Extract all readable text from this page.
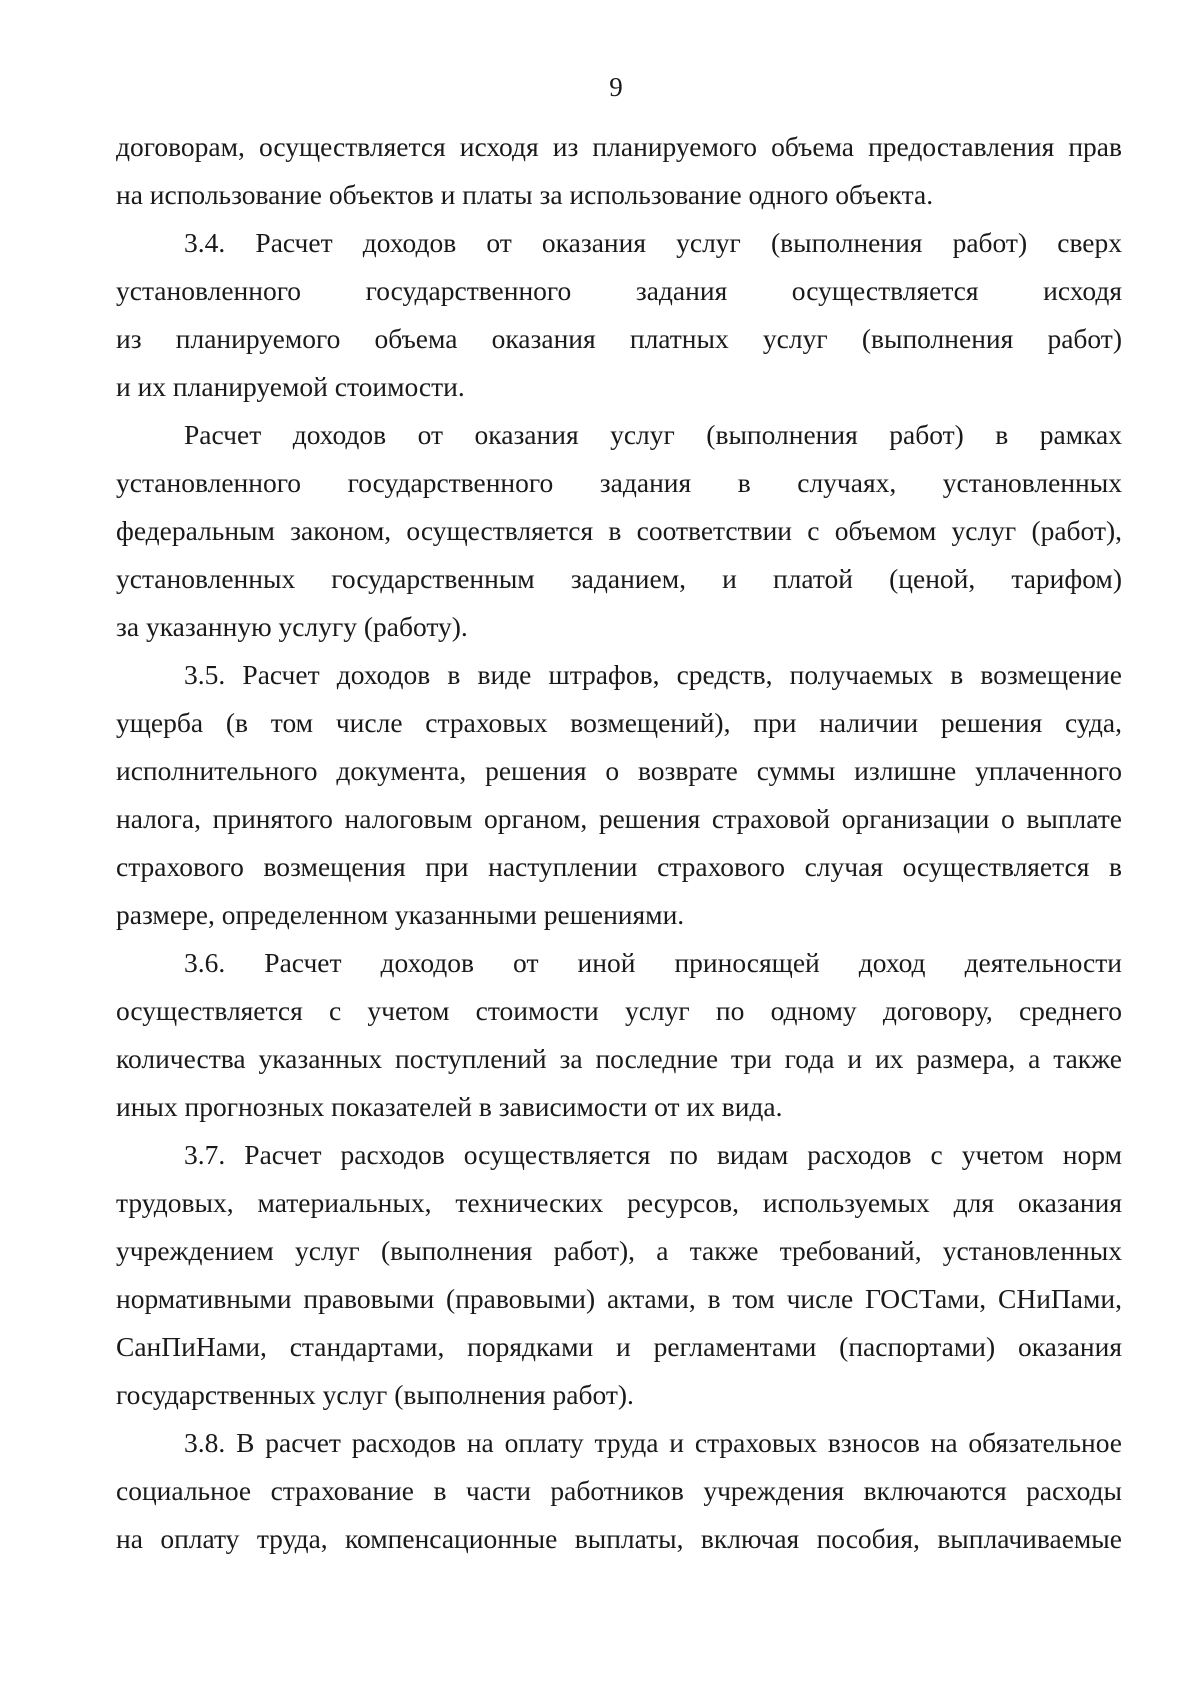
9
договорам, осуществляется исходя из планируемого объема предоставления прав
на использование объектов и платы за использование одного объекта.
3.4. Расчет доходов от оказания услуг (выполнения работ) сверх
установленного государственного задания осуществляется исходя
из планируемого объема оказания платных услуг (выполнения работ)
и их планируемой стоимости.
Расчет доходов от оказания услуг (выполнения работ) в рамках
установленного государственного задания в случаях, установленных
федеральным законом, осуществляется в соответствии с объемом услуг (работ),
установленных государственным заданием, и платой (ценой, тарифом)
за указанную услугу (работу).
3.5. Расчет доходов в виде штрафов, средств, получаемых в возмещение
ущерба (в том числе страховых возмещений), при наличии решения суда,
исполнительного документа, решения о возврате суммы излишне уплаченного
налога, принятого налоговым органом, решения страховой организации о выплате
страхового возмещения при наступлении страхового случая осуществляется в
размере, определенном указанными решениями.
3.6. Расчет доходов от иной приносящей доход деятельности
осуществляется с учетом стоимости услуг по одному договору, среднего
количества указанных поступлений за последние три года и их размера, а также
иных прогнозных показателей в зависимости от их вида.
3.7. Расчет расходов осуществляется по видам расходов с учетом норм
трудовых, материальных, технических ресурсов, используемых для оказания
учреждением услуг (выполнения работ), а также требований, установленных
нормативными правовыми (правовыми) актами, в том числе ГОСТами, СНиПами,
СанПиНами, стандартами, порядками и регламентами (паспортами) оказания
государственных услуг (выполнения работ).
3.8. В расчет расходов на оплату труда и страховых взносов на обязательное
социальное страхование в части работников учреждения включаются расходы
на оплату труда, компенсационные выплаты, включая пособия, выплачиваемые
